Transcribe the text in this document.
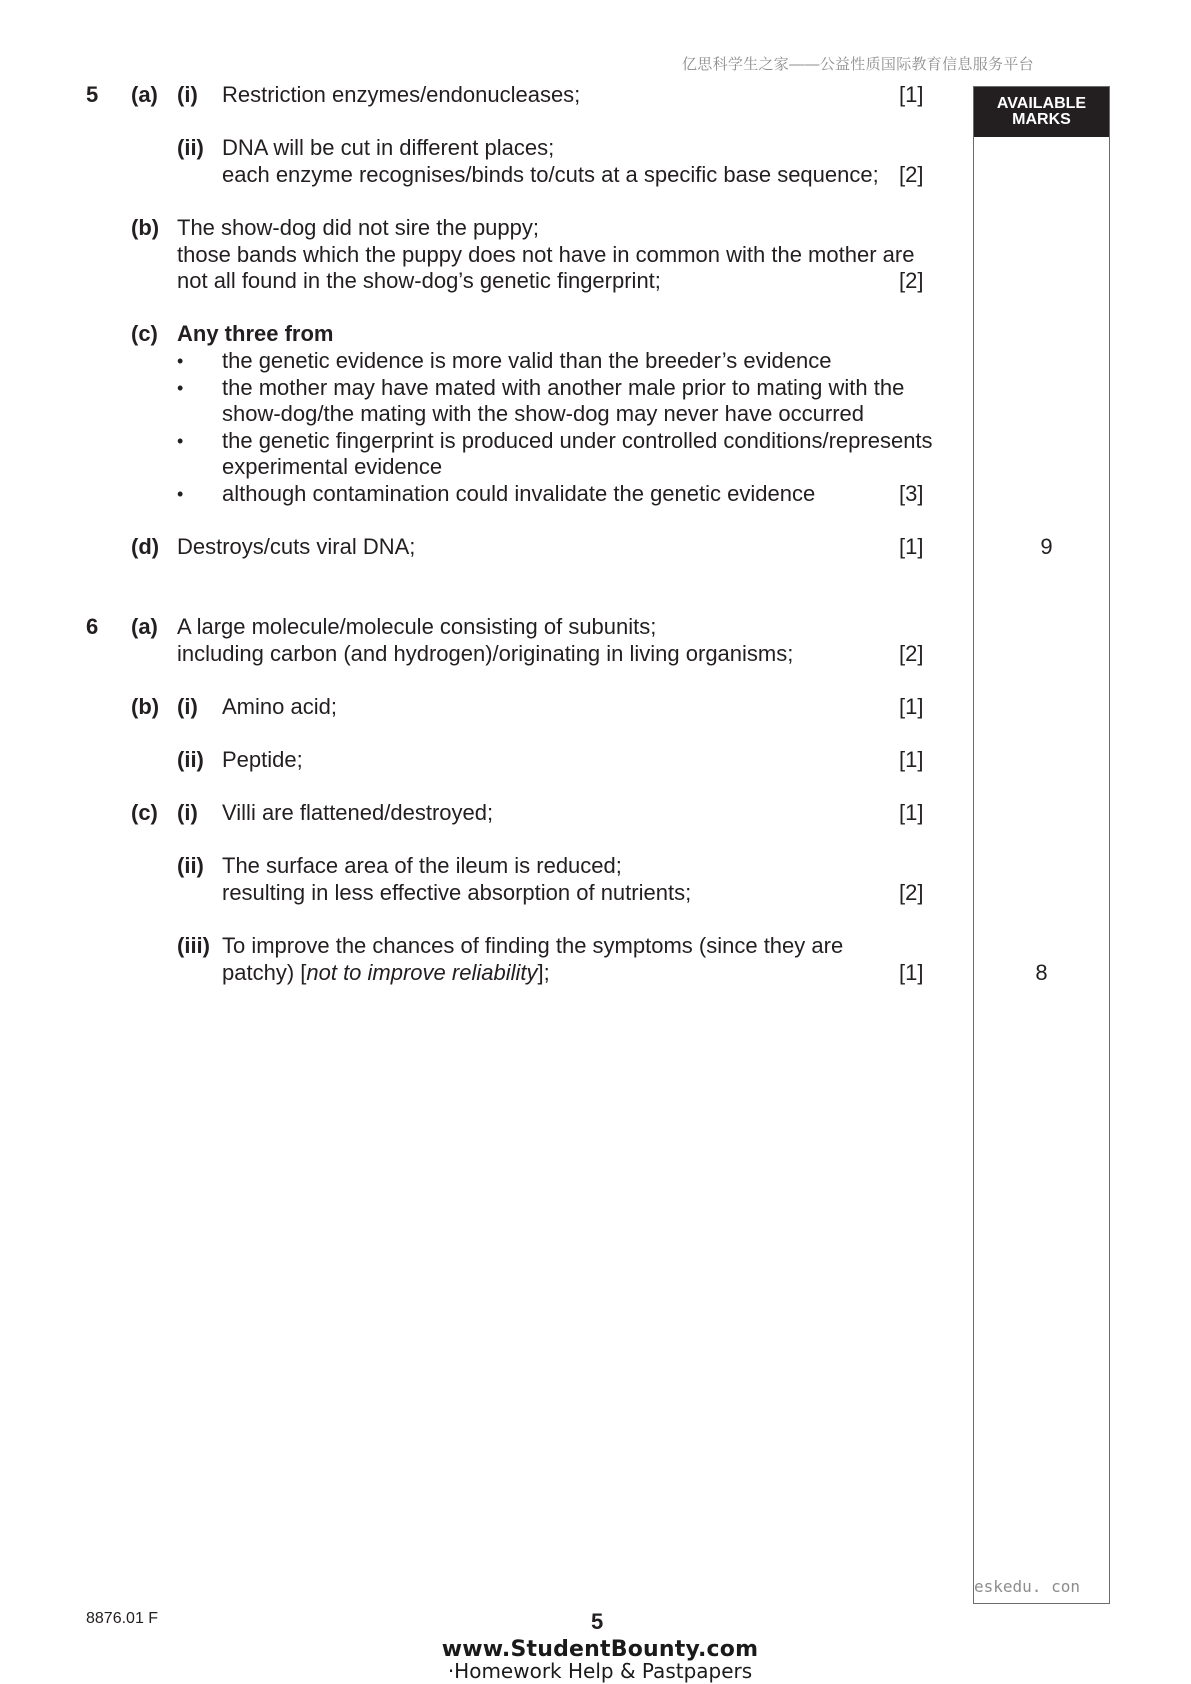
亿思科学生之家——公益性质国际教育信息服务平台
AVAILABLE
MARKS
5 (a) (i) Restriction enzymes/endonucleases;	[1]
(ii) DNA will be cut in different places;
each enzyme recognises/binds to/cuts at a specific base sequence; [2]
(b) The show-dog did not sire the puppy;
those bands which the puppy does not have in common with the mother are
not all found in the show-dog’s genetic fingerprint;	[2]
(c) Any three from
• the genetic evidence is more valid than the breeder’s evidence
• the mother may have mated with another male prior to mating with the
show-dog/the mating with the show-dog may never have occurred
• the genetic fingerprint is produced under controlled conditions/represents
experimental evidence
• although contamination could invalidate the genetic evidence	[3]
(d) Destroys/cuts viral DNA;	[1]	9
6 (a) A large molecule/molecule consisting of subunits;
including carbon (and hydrogen)/originating in living organisms;	[2]
(b) (i) Amino acid;	[1]
(ii) Peptide;	[1]
(c) (i) Villi are flattened/destroyed;	[1]
(ii) The surface area of the ileum is reduced;
resulting in less effective absorption of nutrients;	[2]
(iii) To improve the chances of finding the symptoms (since they are
patchy) [not to improve reliability];	[1]	8
eskedu. con
8876.01 F	5
www.StudentBounty.com
·Homework Help & Pastpapers
